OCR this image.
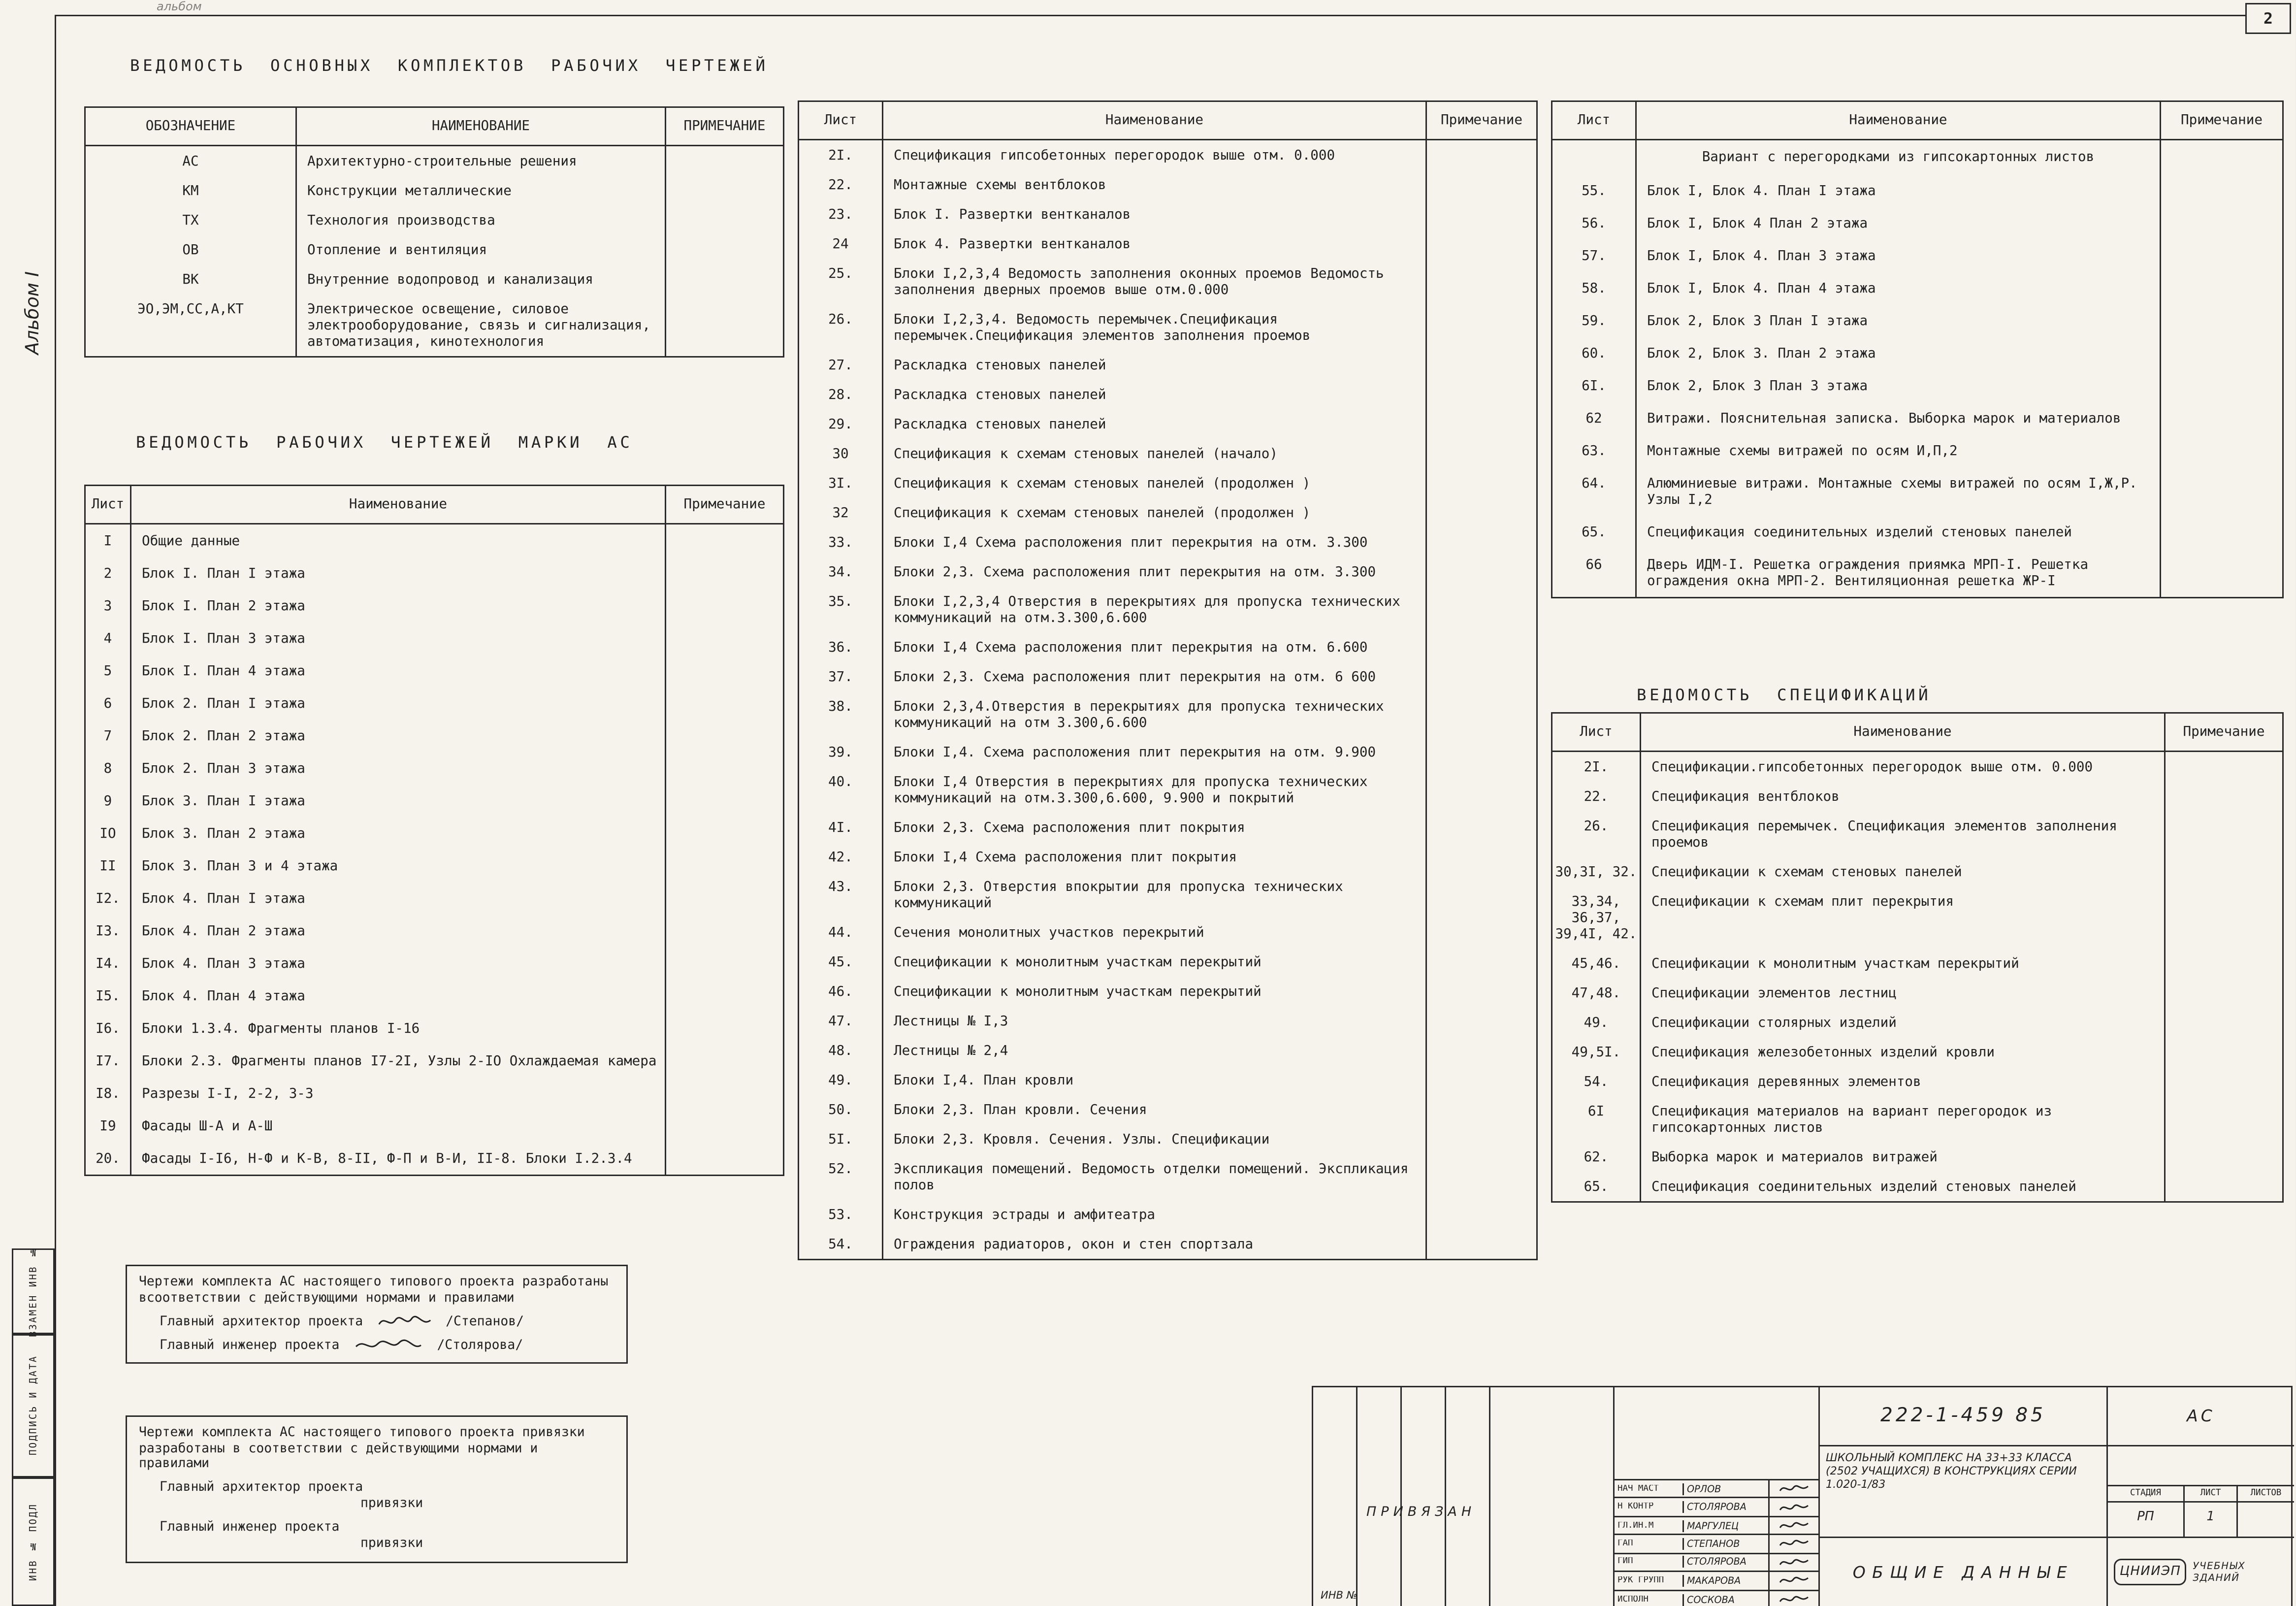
2
альбом
Альбом I
ВЗАМЕН ИНВ №
ПОДПИСЬ И ДАТА
ИНВ № ПОДЛ
ВЕДОМОСТЬ ОСНОВНЫХ КОМПЛЕКТОВ РАБОЧИХ ЧЕРТЕЖЕЙ
ОБОЗНАЧЕНИЕ	НАИМЕНОВАНИЕ	ПРИМЕЧАНИЕ
АС	Архитектурно-строительные решения	
КМ	Конструкции металлические	
ТХ	Технология производства	
ОВ	Отопление и вентиляция	
ВК	Внутренние водопровод и канализация	
ЭО,ЭМ,СС,А,КТ	Электрическое освещение, силовое электрооборудование, связь и сигнализация, автоматизация, кинотехнология	
ВЕДОМОСТЬ РАБОЧИХ ЧЕРТЕЖЕЙ МАРКИ АС
Лист	Наименование	Примечание
I	Общие данные	
2	Блок I. План I этажа	
3	Блок I. План 2 этажа	
4	Блок I. План 3 этажа	
5	Блок I. План 4 этажа	
6	Блок 2. План I этажа	
7	Блок 2. План 2 этажа	
8	Блок 2. План 3 этажа	
9	Блок 3. План I этажа	
IO	Блок 3. План 2 этажа	
II	Блок 3. План 3 и 4 этажа	
I2.	Блок 4. План I этажа	
I3.	Блок 4. План 2 этажа	
I4.	Блок 4. План 3 этажа	
I5.	Блок 4. План 4 этажа	
I6.	Блоки 1.3.4. Фрагменты планов I-16	
I7.	Блоки 2.3. Фрагменты планов I7-2I, Узлы 2-IO Охлаждаемая камера	
I8.	Разрезы I-I, 2-2, 3-3	
I9	Фасады Ш-А и А-Ш	
20.	Фасады I-I6, Н-Ф и К-В, 8-II, Ф-П и В-И, II-8. Блоки I.2.3.4	
Лист	Наименование	Примечание
2I.	Спецификация гипсобетонных перегородок выше отм. 0.000	
22.	Монтажные схемы вентблоков	
23.	Блок I. Развертки вентканалов	
24	Блок 4. Развертки вентканалов	
25.	Блоки I,2,3,4 Ведомость заполнения оконных проемов Ведомость заполнения дверных проемов выше отм.0.000	
26.	Блоки I,2,3,4. Ведомость перемычек.Спецификация перемычек.Спецификация элементов заполнения проемов	
27.	Раскладка стеновых панелей	
28.	Раскладка стеновых панелей	
29.	Раскладка стеновых панелей	
30	Спецификация к схемам стеновых панелей (начало)	
3I.	Спецификация к схемам стеновых панелей (продолжен )	
32	Спецификация к схемам стеновых панелей (продолжен )	
33.	Блоки I,4 Схема расположения плит перекрытия на отм. 3.300	
34.	Блоки 2,3. Схема расположения плит перекрытия на отм. 3.300	
35.	Блоки I,2,3,4 Отверстия в перекрытиях для пропуска технических коммуникаций на отм.3.300,6.600	
36.	Блоки I,4 Схема расположения плит перекрытия на отм. 6.600	
37.	Блоки 2,3. Схема расположения плит перекрытия на отм. 6 600	
38.	Блоки 2,3,4.Отверстия в перекрытиях для пропуска технических коммуникаций на отм 3.300,6.600	
39.	Блоки I,4. Схема расположения плит перекрытия на отм. 9.900	
40.	Блоки I,4 Отверстия в перекрытиях для пропуска технических коммуникаций на отм.3.300,6.600, 9.900 и покрытий	
4I.	Блоки 2,3. Схема расположения плит покрытия	
42.	Блоки I,4 Схема расположения плит покрытия	
43.	Блоки 2,3. Отверстия впокрытии для пропуска технических коммуникаций	
44.	Сечения монолитных участков перекрытий	
45.	Спецификации к монолитным участкам перекрытий	
46.	Спецификации к монолитным участкам перекрытий	
47.	Лестницы № I,3	
48.	Лестницы № 2,4	
49.	Блоки I,4. План кровли	
50.	Блоки 2,3. План кровли. Сечения	
5I.	Блоки 2,3. Кровля. Сечения. Узлы. Спецификации	
52.	Экспликация помещений. Ведомость отделки помещений. Экспликация полов	
53.	Конструкция эстрады и амфитеатра	
54.	Ограждения радиаторов, окон и стен спортзала	
Лист	Наименование	Примечание
	Вариант с перегородками из гипсокартонных листов	
55.	Блок I, Блок 4. План I этажа	
56.	Блок I, Блок 4 План 2 этажа	
57.	Блок I, Блок 4. План 3 этажа	
58.	Блок I, Блок 4. План 4 этажа	
59.	Блок 2, Блок 3 План I этажа	
60.	Блок 2, Блок 3. План 2 этажа	
6I.	Блок 2, Блок 3 План 3 этажа	
62	Витражи. Пояснительная записка. Выборка марок и материалов	
63.	Монтажные схемы витражей по осям И,П,2	
64.	Алюминиевые витражи. Монтажные схемы витражей по осям I,Ж,Р. Узлы I,2	
65.	Спецификация соединительных изделий стеновых панелей	
66	Дверь ИДМ-I. Решетка ограждения приямка МРП-I. Решетка ограждения окна МРП-2. Вентиляционная решетка ЖР-I	
ВЕДОМОСТЬ СПЕЦИФИКАЦИЙ
Лист	Наименование	Примечание
2I.	Спецификации.гипсобетонных перегородок выше отм. 0.000	
22.	Спецификация вентблоков	
26.	Спецификация перемычек. Спецификация элементов заполнения проемов	
30,3I, 32.	Спецификации к схемам стеновых панелей	
33,34, 36,37, 39,4I, 42.	Спецификации к схемам плит перекрытия	
45,46.	Спецификации к монолитным участкам перекрытий	
47,48.	Спецификации элементов лестниц	
49.	Спецификации столярных изделий	
49,5I.	Спецификация железобетонных изделий кровли	
54.	Спецификация деревянных элементов	
6I	Спецификация материалов на вариант перегородок из гипсокартонных листов	
62.	Выборка марок и материалов витражей	
65.	Спецификация соединительных изделий стеновых панелей	
Чертежи комплекта АС настоящего типового проекта разработаны всоответствии с действующими нормами и правилами
Главный архитектор проекта	/Степанов/
Главный инженер проекта	/Столярова/
Чертежи комплекта АС настоящего типового проекта привязки разработаны в соответствии с действующими нормами и правилами
Главный архитектор проекта
привязки
Главный инженер проекта
привязки
ПРИВЯЗАН
ИНВ №
НАЧ МАСТ	ОРЛОВ
Н КОНТР	СТОЛЯРОВА
ГЛ.ИН.М	МАРГУЛЕЦ
ГАП	СТЕПАНОВ
ГИП	СТОЛЯРОВА
РУК ГРУПП	МАКАРОВА
ИСПОЛН	СОСКОВА
222-1-459 85	АС
ШКОЛЬНЫЙ КОМПЛЕКС НА 33+33 КЛАССА (2502 УЧАЩИХСЯ) В КОНСТРУКЦИЯХ СЕРИИ 1.020-1/83
СТАДИЯ	ЛИСТ	ЛИСТОВ
РП	1
ОБЩИЕ ДАННЫЕ	ЦНИИЭП	УЧЕБНЫХ ЗДАНИЙ
